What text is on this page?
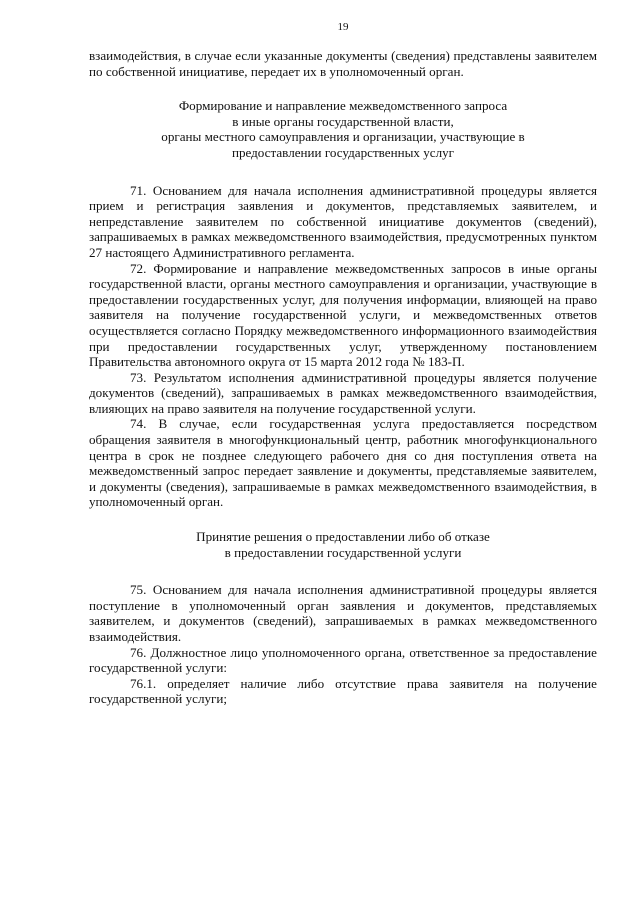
19

взаимодействия, в случае если указанные документы (сведения) представлены заявителем по собственной инициативе, передает их в уполномоченный орган.

Формирование и направление межведомственного запроса
в иные органы государственной власти,
органы местного самоуправления и организации, участвующие в
предоставлении государственных услуг

71. Основанием для начала исполнения административной процедуры является прием и регистрация заявления и документов, представляемых заявителем, и непредставление заявителем по собственной инициативе документов (сведений), запрашиваемых в рамках межведомственного взаимодействия, предусмотренных пунктом 27 настоящего Административного регламента.

72. Формирование и направление межведомственных запросов в иные органы государственной власти, органы местного самоуправления и организации, участвующие в предоставлении государственных услуг, для получения информации, влияющей на право заявителя на получение государственной услуги, и межведомственных ответов осуществляется согласно Порядку межведомственного информационного взаимодействия при предоставлении государственных услуг, утвержденному постановлением Правительства автономного округа от 15 марта 2012 года № 183-П.

73. Результатом исполнения административной процедуры является получение документов (сведений), запрашиваемых в рамках межведомственного взаимодействия, влияющих на право заявителя на получение государственной услуги.

74. В случае, если государственная услуга предоставляется посредством обращения заявителя в многофункциональный центр, работник многофункционального центра в срок не позднее следующего рабочего дня со дня поступления ответа на межведомственный запрос передает заявление и документы, представляемые заявителем, и документы (сведения), запрашиваемые в рамках межведомственного взаимодействия, в уполномоченный орган.

Принятие решения о предоставлении либо об отказе
в предоставлении государственной услуги

75. Основанием для начала исполнения административной процедуры является поступление в уполномоченный орган заявления и документов, представляемых заявителем, и документов (сведений), запрашиваемых в рамках межведомственного взаимодействия.

76. Должностное лицо уполномоченного органа, ответственное за предоставление государственной услуги:

76.1. определяет наличие либо отсутствие права заявителя на получение государственной услуги;
